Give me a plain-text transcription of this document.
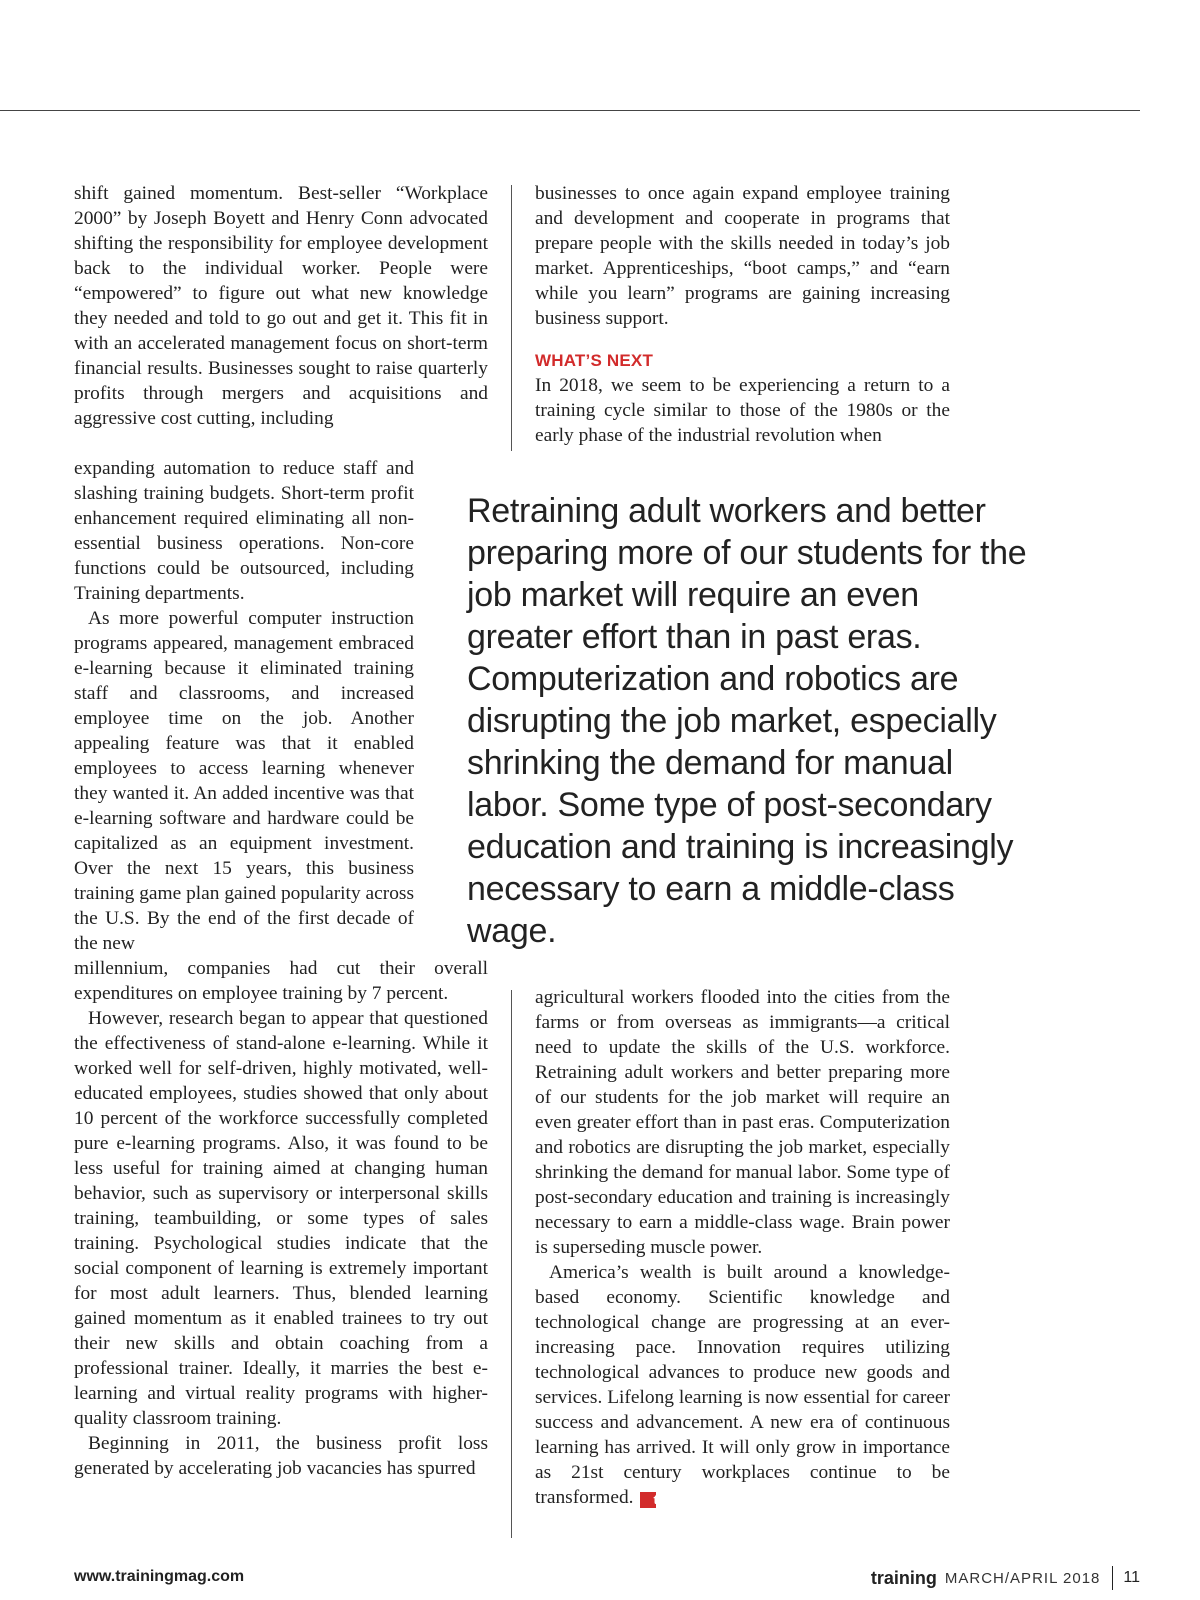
shift gained momentum. Best-seller “Workplace 2000” by Joseph Boyett and Henry Conn advocated shifting the responsibility for employee development back to the individual worker. People were “empowered” to figure out what new knowledge they needed and told to go out and get it. This fit in with an accelerated management focus on short-term financial results. Businesses sought to raise quarterly profits through mergers and acquisitions and aggressive cost cutting, including

expanding automation to reduce staff and slashing training budgets. Short-term profit enhancement required eliminating all non-essential business operations. Non-core functions could be outsourced, including Training departments.

As more powerful computer instruction programs appeared, management embraced e-learning because it eliminated training staff and classrooms, and increased employee time on the job. Another appealing feature was that it enabled employees to access learning whenever they wanted it. An added incentive was that e-learning software and hardware could be capitalized as an equipment investment. Over the next 15 years, this business training game plan gained popularity across the U.S. By the end of the first decade of the new

millennium, companies had cut their overall expenditures on employee training by 7 percent.

However, research began to appear that questioned the effectiveness of stand-alone e-learning. While it worked well for self-driven, highly motivated, well-educated employees, studies showed that only about 10 percent of the workforce successfully completed pure e-learning programs. Also, it was found to be less useful for training aimed at changing human behavior, such as supervisory or interpersonal skills training, teambuilding, or some types of sales training. Psychological studies indicate that the social component of learning is extremely important for most adult learners. Thus, blended learning gained momentum as it enabled trainees to try out their new skills and obtain coaching from a professional trainer. Ideally, it marries the best e-learning and virtual reality programs with higher-quality classroom training.

Beginning in 2011, the business profit loss generated by accelerating job vacancies has spurred

businesses to once again expand employee training and development and cooperate in programs that prepare people with the skills needed in today’s job market. Apprenticeships, “boot camps,” and “earn while you learn” programs are gaining increasing business support.

WHAT’S NEXT

In 2018, we seem to be experiencing a return to a training cycle similar to those of the 1980s or the early phase of the industrial revolution when

Retraining adult workers and better preparing more of our students for the job market will require an even greater effort than in past eras. Computerization and robotics are disrupting the job market, especially shrinking the demand for manual labor. Some type of post-secondary education and training is increasingly necessary to earn a middle-class wage.

agricultural workers flooded into the cities from the farms or from overseas as immigrants—a critical need to update the skills of the U.S. workforce. Retraining adult workers and better preparing more of our students for the job market will require an even greater effort than in past eras. Computerization and robotics are disrupting the job market, especially shrinking the demand for manual labor. Some type of post-secondary education and training is increasingly necessary to earn a middle-class wage. Brain power is superseding muscle power.

America’s wealth is built around a knowledge-based economy. Scientific knowledge and technological change are progressing at an ever-increasing pace. Innovation requires utilizing technological advances to produce new goods and services. Lifelong learning is now essential for career success and advancement. A new era of continuous learning has arrived. It will only grow in importance as 21st century workplaces continue to be transformed. t

www.trainingmag.com	training MARCH/APRIL 2018 11
